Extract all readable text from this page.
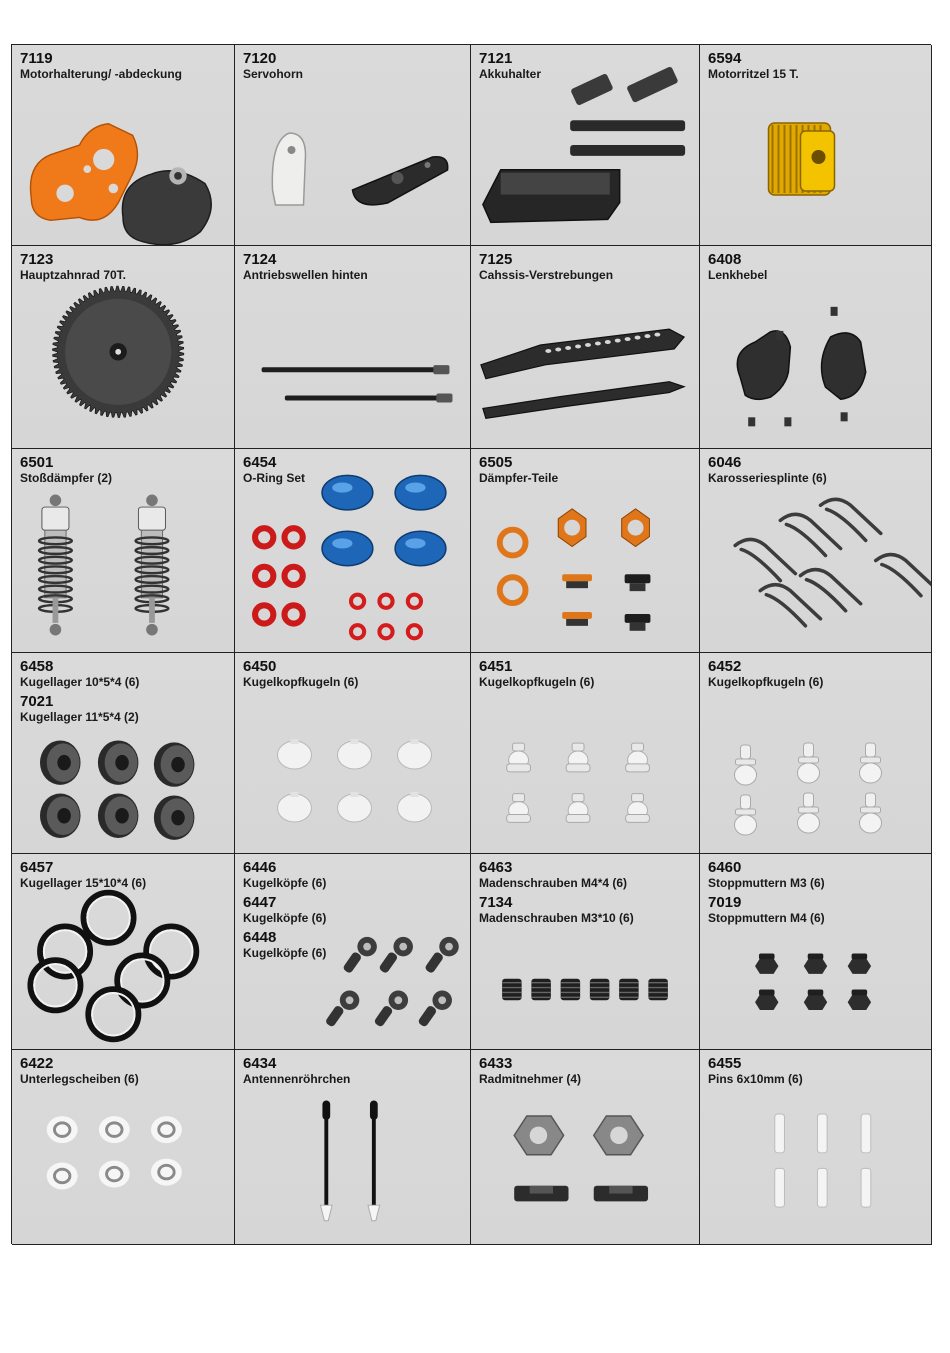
7119
Motorhalterung/ -abdeckung
7120
Servohorn
7121
Akkuhalter
6594
Motorritzel 15 T.
7123
Hauptzahnrad 70T.
7124
Antriebswellen hinten
7125
Cahssis-Verstrebungen
6408
Lenkhebel
6501
Stoßdämpfer (2)
6454
O-Ring Set
6505
Dämpfer-Teile
6046
Karosseriesplinte (6)
6458
Kugellager 10*5*4 (6)
7021
Kugellager 11*5*4 (2)
6450
Kugelkopfkugeln (6)
6451
Kugelkopfkugeln (6)
6452
Kugelkopfkugeln (6)
6457
Kugellager 15*10*4 (6)
6446
Kugelköpfe (6)
6447
Kugelköpfe (6)
6448
Kugelköpfe (6)
6463
Madenschrauben M4*4 (6)
7134
Madenschrauben M3*10 (6)
6460
Stoppmuttern M3 (6)
7019
Stoppmuttern M4 (6)
6422
Unterlegscheiben (6)
6434
Antennenröhrchen
6433
Radmitnehmer (4)
6455
Pins 6x10mm (6)
